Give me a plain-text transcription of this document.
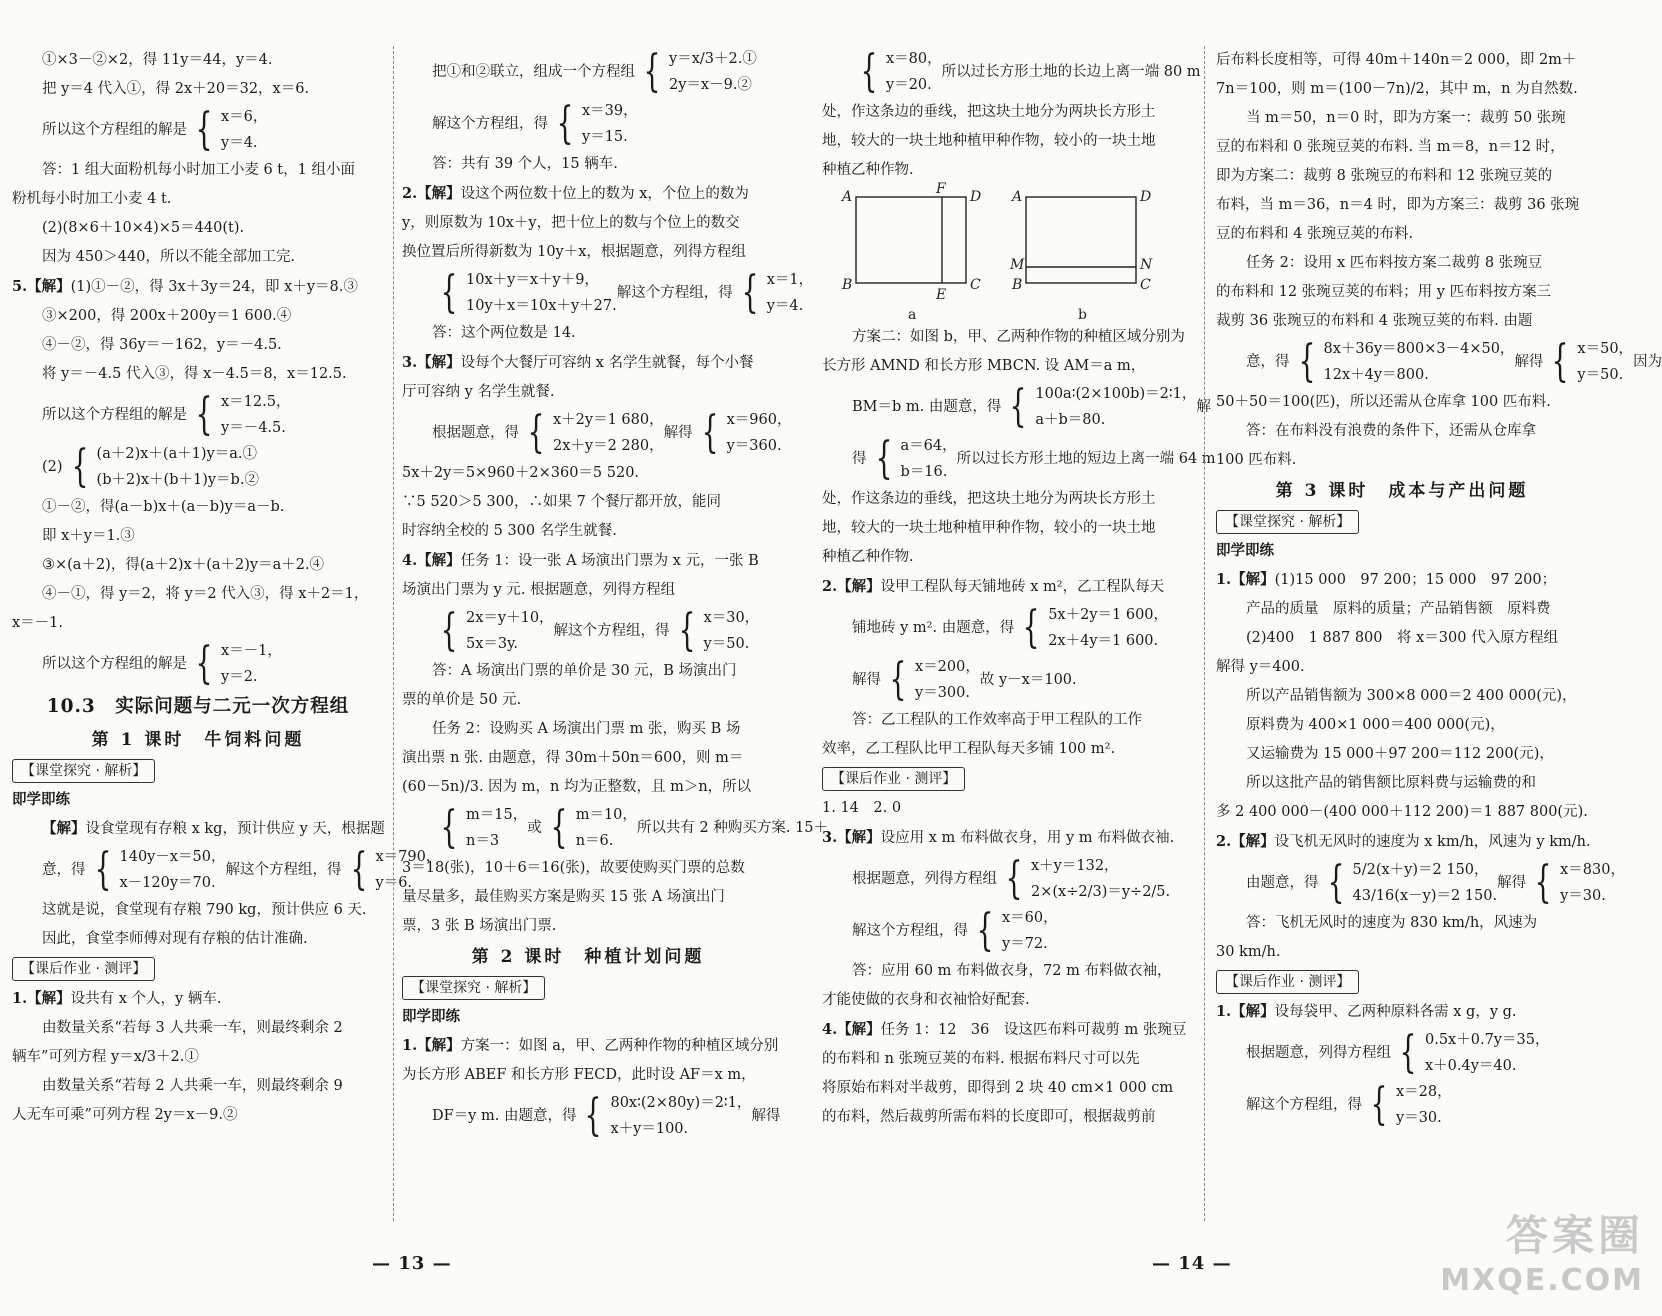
①×3－②×2，得 11y＝44，y＝4.
把 y＝4 代入①，得 2x＋20＝32，x＝6.
所以这个方程组的解是 { x＝6，
y＝4.
答：1 组大面粉机每小时加工小麦 6 t，1 组小面
粉机每小时加工小麦 4 t.
(2)(8×6＋10×4)×5＝440(t).
因为 450＞440，所以不能全部加工完.
5.【解】(1)①－②，得 3x＋3y＝24，即 x＋y＝8.③
③×200，得 200x＋200y＝1 600.④
④－②，得 36y＝－162，y＝－4.5.
将 y＝－4.5 代入③，得 x－4.5＝8，x＝12.5.
所以这个方程组的解是 { x＝12.5，
y＝－4.5.
(2) { (a＋2)x＋(a＋1)y＝a.①
(b＋2)x＋(b＋1)y＝b.②
①－②，得(a－b)x＋(a－b)y＝a－b.
即 x＋y＝1.③
③×(a＋2)，得(a＋2)x＋(a＋2)y＝a＋2.④
④－①，得 y＝2，将 y＝2 代入③，得 x＋2＝1，
x＝－1.
所以这个方程组的解是 { x＝－1，
y＝2.
10.3　实际问题与二元一次方程组
第 1 课时　牛饲料问题
【课堂探究 · 解析】
即学即练
【解】设食堂现有存粮 x kg，预计供应 y 天，根据题
意，得 { 140y－x＝50，
x－120y＝70.
解这个方程组，得 { x＝790，
y＝6.
这就是说，食堂现有存粮 790 kg，预计供应 6 天.
因此，食堂李师傅对现有存粮的估计准确.
【课后作业 · 测评】
1.【解】设共有 x 个人，y 辆车.
由数量关系“若每 3 人共乘一车，则最终剩余 2
辆车”可列方程 y＝x/3＋2.①
由数量关系“若每 2 人共乘一车，则最终剩余 9
人无车可乘”可列方程 2y＝x－9.②
把①和②联立，组成一个方程组 { y＝x/3＋2.①
2y＝x－9.②
解这个方程组，得 { x＝39，
y＝15.
答：共有 39 个人，15 辆车.
2.【解】设这个两位数十位上的数为 x，个位上的数为
y，则原数为 10x＋y，把十位上的数与个位上的数交
换位置后所得新数为 10y＋x，根据题意，列得方程组
{ 10x＋y＝x＋y＋9，
10y＋x＝10x＋y＋27.
解这个方程组，得 { x＝1，
y＝4.
答：这个两位数是 14.
3.【解】设每个大餐厅可容纳 x 名学生就餐，每个小餐
厅可容纳 y 名学生就餐.
根据题意，得 { x＋2y＝1 680，
2x＋y＝2 280，
解得 { x＝960，
y＝360.
5x＋2y＝5×960＋2×360＝5 520.
∵5 520＞5 300，∴如果 7 个餐厅都开放，能同
时容纳全校的 5 300 名学生就餐.
4.【解】任务 1：设一张 A 场演出门票为 x 元，一张 B
场演出门票为 y 元. 根据题意，列得方程组
{ 2x＝y＋10，
5x＝3y.
解这个方程组，得 { x＝30，
y＝50.
答：A 场演出门票的单价是 30 元，B 场演出门
票的单价是 50 元.
任务 2：设购买 A 场演出门票 m 张，购买 B 场
演出票 n 张. 由题意，得 30m＋50n＝600，则 m＝
(60－5n)/3. 因为 m，n 均为正整数，且 m＞n，所以
{ m＝15，
n＝3
或 { m＝10，
n＝6.
所以共有 2 种购买方案. 15＋
3＝18(张)，10＋6＝16(张)，故要使购买门票的总数
量尽量多，最佳购买方案是购买 15 张 A 场演出门
票，3 张 B 场演出门票.
第 2 课时　种植计划问题
【课堂探究 · 解析】
即学即练
1.【解】方案一：如图 a，甲、乙两种作物的种植区域分别
为长方形 ABEF 和长方形 FECD，此时设 AF＝x m，
DF＝y m. 由题意，得 { 80x∶(2×80y)＝2∶1，
x＋y＝100.
解得
— 13 —
{ x＝80，
y＝20.
所以过长方形土地的长边上离一端 80 m
处，作这条边的垂线，把这块土地分为两块长方形土
地，较大的一块土地种植甲种作物，较小的一块土地
种植乙种作物.
A	F D
B
E
C
a
A	D
M	N
B	C
b
方案二：如图 b，甲、乙两种作物的种植区域分别为
长方形 AMND 和长方形 MBCN. 设 AM＝a m，
BM＝b m. 由题意，得 { 100a∶(2×100b)＝2∶1，
a＋b＝80.
解
得 { a＝64，
b＝16.
所以过长方形土地的短边上离一端 64 m
处，作这条边的垂线，把这块土地分为两块长方形土
地，较大的一块土地种植甲种作物，较小的一块土地
种植乙种作物.
2.【解】设甲工程队每天铺地砖 x m²，乙工程队每天
铺地砖 y m². 由题意，得 { 5x＋2y＝1 600，
2x＋4y＝1 600.
解得 { x＝200，
y＝300.
故 y－x＝100.
答：乙工程队的工作效率高于甲工程队的工作
效率，乙工程队比甲工程队每天多铺 100 m².
【课后作业 · 测评】
1. 14　2. 0
3.【解】设应用 x m 布料做衣身，用 y m 布料做衣袖.
根据题意，列得方程组 { x＋y＝132，
2×(x÷2/3)＝y÷2/5.
解这个方程组，得 { x＝60，
y＝72.
答：应用 60 m 布料做衣身，72 m 布料做衣袖，
才能使做的衣身和衣袖恰好配套.
4.【解】任务 1：12　36　设这匹布料可裁剪 m 张琬豆
的布料和 n 张琬豆荚的布料. 根据布料尺寸可以先
将原始布料对半裁剪，即得到 2 块 40 cm×1 000 cm
的布料，然后裁剪所需布料的长度即可，根据裁剪前
后布料长度相等，可得 40m＋140n＝2 000，即 2m＋
7n＝100，则 m＝(100－7n)/2，其中 m，n 为自然数.
当 m＝50，n＝0 时，即为方案一：裁剪 50 张琬
豆的布料和 0 张琬豆荚的布料. 当 m＝8，n＝12 时，
即为方案二：裁剪 8 张琬豆的布料和 12 张琬豆荚的
布料，当 m＝36，n＝4 时，即为方案三：裁剪 36 张琬
豆的布料和 4 张琬豆荚的布料.
任务 2：设用 x 匹布料按方案二裁剪 8 张琬豆
的布料和 12 张琬豆荚的布料；用 y 匹布料按方案三
裁剪 36 张琬豆的布料和 4 张琬豆荚的布料. 由题
意，得 { 8x＋36y＝800×3－4×50，
12x＋4y＝800.
解得 { x＝50，
y＝50.
因为
50＋50＝100(匹)，所以还需从仓库拿 100 匹布料.
答：在布料没有浪费的条件下，还需从仓库拿
100 匹布料.
第 3 课时　成本与产出问题
【课堂探究 · 解析】
即学即练
1.【解】(1)15 000　97 200；15 000　97 200；
产品的质量　原料的质量；产品销售额　原料费
(2)400　1 887 800　将 x＝300 代入原方程组
解得 y＝400.
所以产品销售额为 300×8 000＝2 400 000(元)，
原料费为 400×1 000＝400 000(元)，
又运输费为 15 000＋97 200＝112 200(元)，
所以这批产品的销售额比原料费与运输费的和
多 2 400 000－(400 000＋112 200)＝1 887 800(元).
2.【解】设飞机无风时的速度为 x km/h，风速为 y km/h.
由题意，得 { 5/2(x＋y)＝2 150，
43/16(x－y)＝2 150.
解得 { x＝830，
y＝30.
答：飞机无风时的速度为 830 km/h，风速为
30 km/h.
【课后作业 · 测评】
1.【解】设每袋甲、乙两种原料各需 x g，y g.
根据题意，列得方程组 { 0.5x＋0.7y＝35，
x＋0.4y＝40.
解这个方程组，得 { x＝28，
y＝30.
— 14 —
答案圈
MXQE.COM
